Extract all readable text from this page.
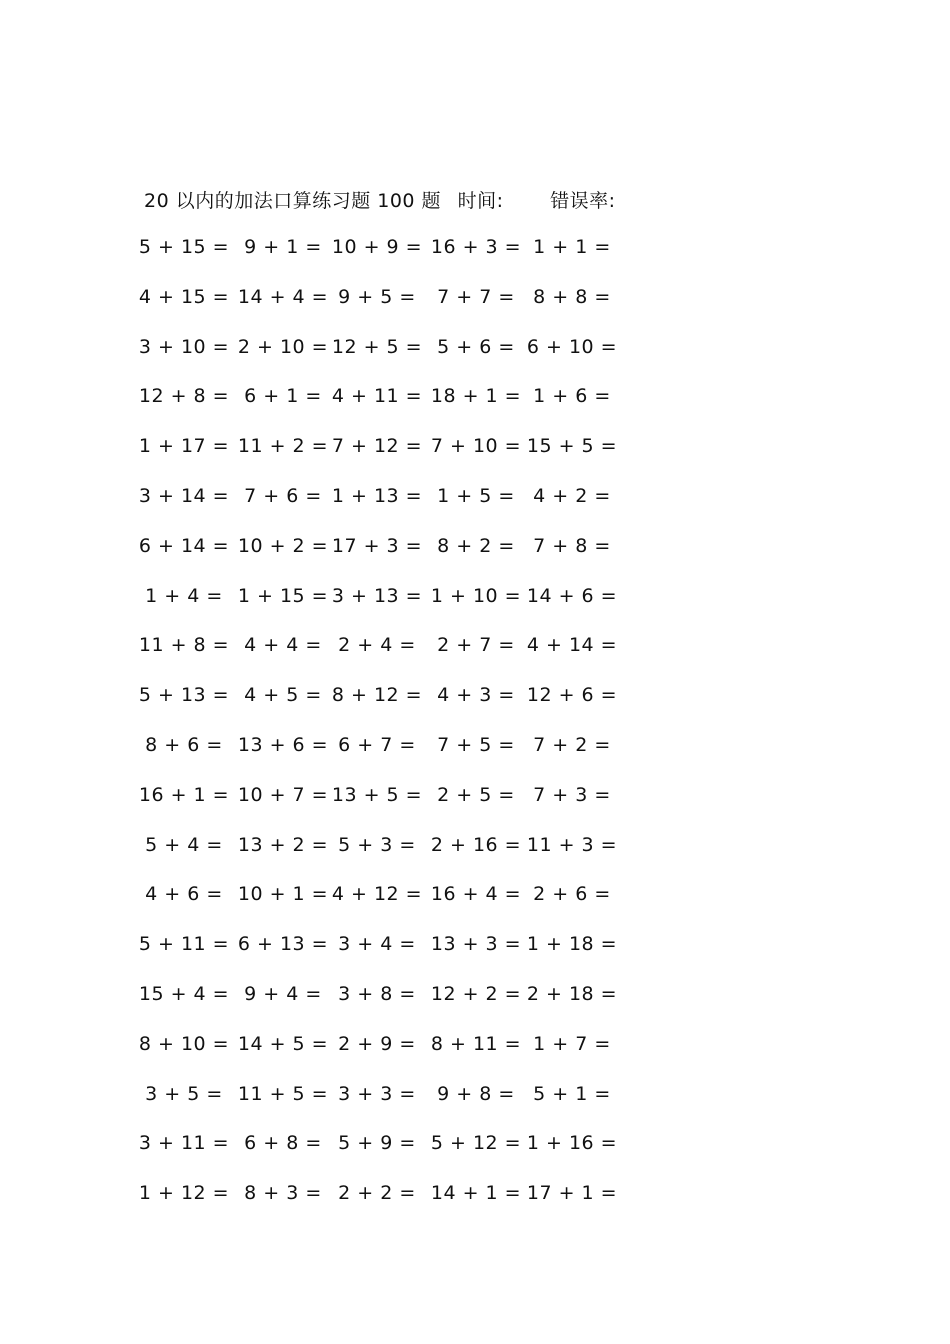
20 以内的加法口算练习题 100 题 时间: 错误率:
5 + 15 = 9 + 1 = 10 + 9 = 16 + 3 = 1 + 1 =
4 + 15 = 14 + 4 = 9 + 5 = 7 + 7 = 8 + 8 =
3 + 10 = 2 + 10 = 12 + 5 = 5 + 6 = 6 + 10 =
12 + 8 = 6 + 1 = 4 + 11 = 18 + 1 = 1 + 6 =
1 + 17 = 11 + 2 = 7 + 12 = 7 + 10 = 15 + 5 =
3 + 14 = 7 + 6 = 1 + 13 = 1 + 5 = 4 + 2 =
6 + 14 = 10 + 2 = 17 + 3 = 8 + 2 = 7 + 8 =
1 + 4 = 1 + 15 = 3 + 13 = 1 + 10 = 14 + 6 =
11 + 8 = 4 + 4 = 2 + 4 = 2 + 7 = 4 + 14 =
5 + 13 = 4 + 5 = 8 + 12 = 4 + 3 = 12 + 6 =
8 + 6 = 13 + 6 = 6 + 7 = 7 + 5 = 7 + 2 =
16 + 1 = 10 + 7 = 13 + 5 = 2 + 5 = 7 + 3 =
5 + 4 = 13 + 2 = 5 + 3 = 2 + 16 = 11 + 3 =
4 + 6 = 10 + 1 = 4 + 12 = 16 + 4 = 2 + 6 =
5 + 11 = 6 + 13 = 3 + 4 = 13 + 3 = 1 + 18 =
15 + 4 = 9 + 4 = 3 + 8 = 12 + 2 = 2 + 18 =
8 + 10 = 14 + 5 = 2 + 9 = 8 + 11 = 1 + 7 =
3 + 5 = 11 + 5 = 3 + 3 = 9 + 8 = 5 + 1 =
3 + 11 = 6 + 8 = 5 + 9 = 5 + 12 = 1 + 16 =
1 + 12 = 8 + 3 = 2 + 2 = 14 + 1 = 17 + 1 =
